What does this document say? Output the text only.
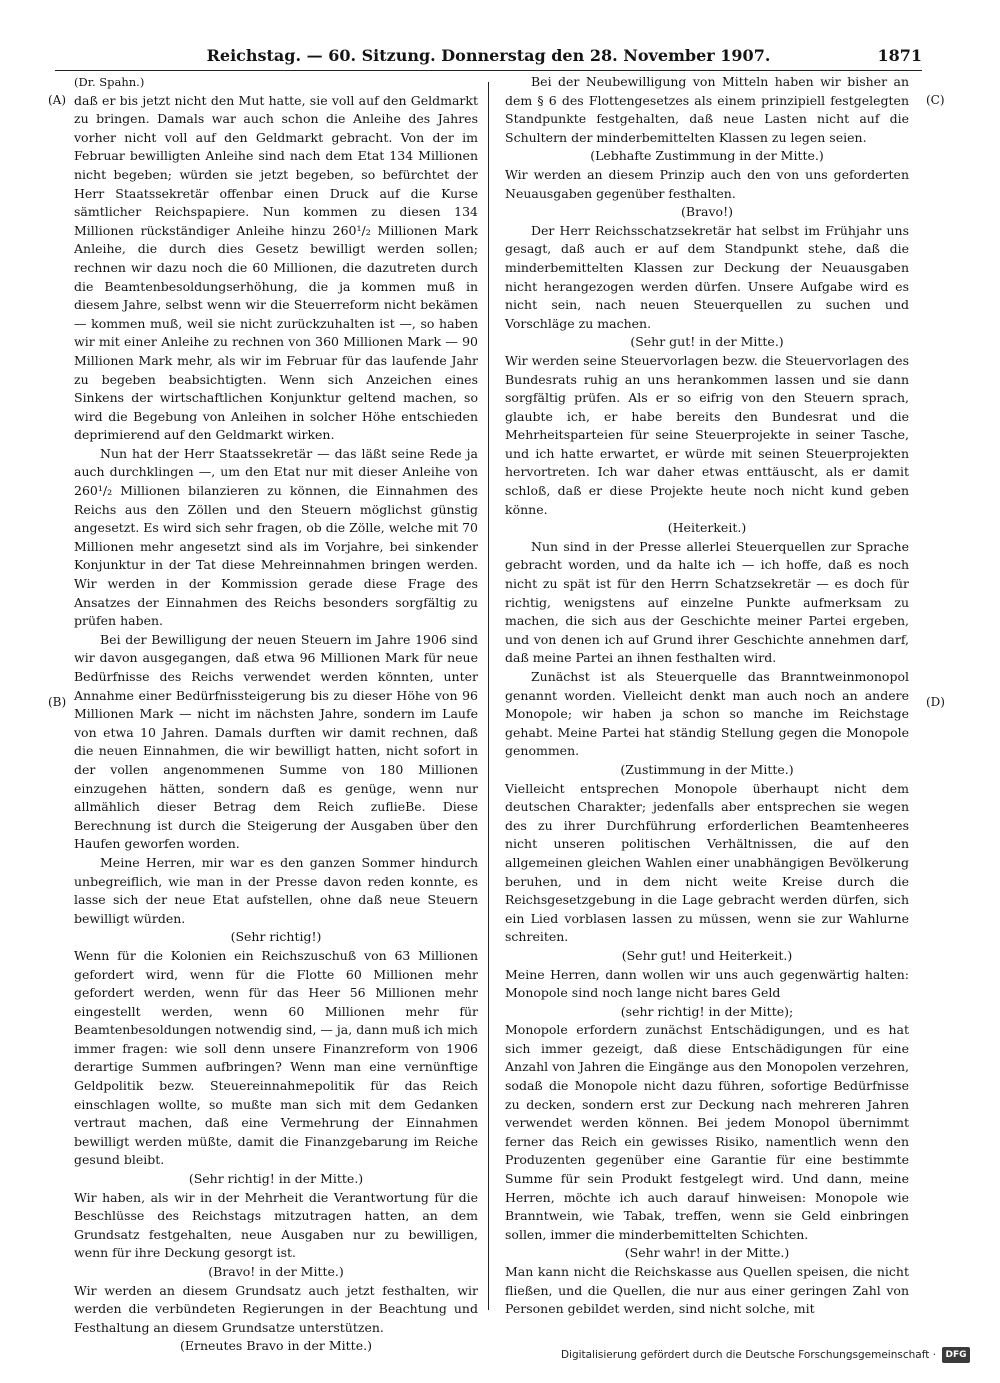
Reichstag. — 60. Sitzung. Donnerstag den 28. November 1907.	1871
(A)
(B)
(C)
(D)

(Dr. Spahn.)

daß er bis jetzt nicht den Mut hatte, sie voll auf den Geldmarkt zu bringen. Damals war auch schon die Anleihe des Jahres vorher nicht voll auf den Geldmarkt gebracht. Von der im Februar bewilligten Anleihe sind nach dem Etat 134 Millionen nicht begeben; würden sie jetzt begeben, so befürchtet der Herr Staatssekretär offenbar einen Druck auf die Kurse sämtlicher Reichspapiere. Nun kommen zu diesen 134 Millionen rückständiger Anleihe hinzu 260¹/₂ Millionen Mark Anleihe, die durch dies Gesetz bewilligt werden sollen; rechnen wir dazu noch die 60 Millionen, die dazutreten durch die Beamtenbesoldungserhöhung, die ja kommen muß in diesem Jahre, selbst wenn wir die Steuerreform nicht bekämen — kommen muß, weil sie nicht zurückzuhalten ist —, so haben wir mit einer Anleihe zu rechnen von 360 Millionen Mark — 90 Millionen Mark mehr, als wir im Februar für das laufende Jahr zu begeben beabsichtigten. Wenn sich Anzeichen eines Sinkens der wirtschaftlichen Konjunktur geltend machen, so wird die Begebung von Anleihen in solcher Höhe entschieden deprimierend auf den Geldmarkt wirken.

Nun hat der Herr Staatssekretär — das läßt seine Rede ja auch durchklingen —, um den Etat nur mit dieser Anleihe von 260¹/₂ Millionen bilanzieren zu können, die Einnahmen des Reichs aus den Zöllen und den Steuern möglichst günstig angesetzt. Es wird sich sehr fragen, ob die Zölle, welche mit 70 Millionen mehr angesetzt sind als im Vorjahre, bei sinkender Konjunktur in der Tat diese Mehreinnahmen bringen werden. Wir werden in der Kommission gerade diese Frage des Ansatzes der Einnahmen des Reichs besonders sorgfältig zu prüfen haben.

Bei der Bewilligung der neuen Steuern im Jahre 1906 sind wir davon ausgegangen, daß etwa 96 Millionen Mark für neue Bedürfnisse des Reichs verwendet werden könnten, unter Annahme einer Bedürfnissteigerung bis zu dieser Höhe von 96 Millionen Mark — nicht im nächsten Jahre, sondern im Laufe von etwa 10 Jahren. Damals durften wir damit rechnen, daß die neuen Einnahmen, die wir bewilligt hatten, nicht sofort in der vollen angenommenen Summe von 180 Millionen einzugehen hätten, sondern daß es genüge, wenn nur allmählich dieser Betrag dem Reich zuflieBe. Diese Berechnung ist durch die Steigerung der Ausgaben über den Haufen geworfen worden.

Meine Herren, mir war es den ganzen Sommer hindurch unbegreiflich, wie man in der Presse davon reden konnte, es lasse sich der neue Etat aufstellen, ohne daß neue Steuern bewilligt würden.

(Sehr richtig!)

Wenn für die Kolonien ein Reichszuschuß von 63 Millionen gefordert wird, wenn für die Flotte 60 Millionen mehr gefordert werden, wenn für das Heer 56 Millionen mehr eingestellt werden, wenn 60 Millionen mehr für Beamtenbesoldungen notwendig sind, — ja, dann muß ich mich immer fragen: wie soll denn unsere Finanzreform von 1906 derartige Summen aufbringen? Wenn man eine vernünftige Geldpolitik bezw. Steuereinnahmepolitik für das Reich einschlagen wollte, so mußte man sich mit dem Gedanken vertraut machen, daß eine Vermehrung der Einnahmen bewilligt werden müßte, damit die Finanzgebarung im Reiche gesund bleibt.

(Sehr richtig! in der Mitte.)

Wir haben, als wir in der Mehrheit die Verantwortung für die Beschlüsse des Reichstags mitzutragen hatten, an dem Grundsatz festgehalten, neue Ausgaben nur zu bewilligen, wenn für ihre Deckung gesorgt ist.

(Bravo! in der Mitte.)

Wir werden an diesem Grundsatz auch jetzt festhalten, wir werden die verbündeten Regierungen in der Beachtung und Festhaltung an diesem Grundsatze unterstützen.

(Erneutes Bravo in der Mitte.)

Bei der Neubewilligung von Mitteln haben wir bisher an dem § 6 des Flottengesetzes als einem prinzipiell festgelegten Standpunkte festgehalten, daß neue Lasten nicht auf die Schultern der minderbemittelten Klassen zu legen seien.

(Lebhafte Zustimmung in der Mitte.)

Wir werden an diesem Prinzip auch den von uns geforderten Neuausgaben gegenüber festhalten.

(Bravo!)

Der Herr Reichsschatzsekretär hat selbst im Frühjahr uns gesagt, daß auch er auf dem Standpunkt stehe, daß die minderbemittelten Klassen zur Deckung der Neuausgaben nicht herangezogen werden dürfen. Unsere Aufgabe wird es nicht sein, nach neuen Steuerquellen zu suchen und Vorschläge zu machen.

(Sehr gut! in der Mitte.)

Wir werden seine Steuervorlagen bezw. die Steuervorlagen des Bundesrats ruhig an uns herankommen lassen und sie dann sorgfältig prüfen. Als er so eifrig von den Steuern sprach, glaubte ich, er habe bereits den Bundesrat und die Mehrheitsparteien für seine Steuerprojekte in seiner Tasche, und ich hatte erwartet, er würde mit seinen Steuerprojekten hervortreten. Ich war daher etwas enttäuscht, als er damit schloß, daß er diese Projekte heute noch nicht kund geben könne.

(Heiterkeit.)

Nun sind in der Presse allerlei Steuerquellen zur Sprache gebracht worden, und da halte ich — ich hoffe, daß es noch nicht zu spät ist für den Herrn Schatzsekretär — es doch für richtig, wenigstens auf einzelne Punkte aufmerksam zu machen, die sich aus der Geschichte meiner Partei ergeben, und von denen ich auf Grund ihrer Geschichte annehmen darf, daß meine Partei an ihnen festhalten wird.

Zunächst ist als Steuerquelle das Branntweinmonopol genannt worden. Vielleicht denkt man auch noch an andere Monopole; wir haben ja schon so manche im Reichstage gehabt. Meine Partei hat ständig Stellung gegen die Monopole genommen.

(Zustimmung in der Mitte.)

Vielleicht entsprechen Monopole überhaupt nicht dem deutschen Charakter; jedenfalls aber entsprechen sie wegen des zu ihrer Durchführung erforderlichen Beamtenheeres nicht unseren politischen Verhältnissen, die auf den allgemeinen gleichen Wahlen einer unabhängigen Bevölkerung beruhen, und in dem nicht weite Kreise durch die Reichsgesetzgebung in die Lage gebracht werden dürfen, sich ein Lied vorblasen lassen zu müssen, wenn sie zur Wahlurne schreiten.

(Sehr gut! und Heiterkeit.)

Meine Herren, dann wollen wir uns auch gegenwärtig halten: Monopole sind noch lange nicht bares Geld

(sehr richtig! in der Mitte);

Monopole erfordern zunächst Entschädigungen, und es hat sich immer gezeigt, daß diese Entschädigungen für eine Anzahl von Jahren die Eingänge aus den Monopolen verzehren, sodaß die Monopole nicht dazu führen, sofortige Bedürfnisse zu decken, sondern erst zur Deckung nach mehreren Jahren verwendet werden können. Bei jedem Monopol übernimmt ferner das Reich ein gewisses Risiko, namentlich wenn den Produzenten gegenüber eine Garantie für eine bestimmte Summe für sein Produkt festgelegt wird. Und dann, meine Herren, möchte ich auch darauf hinweisen: Monopole wie Branntwein, wie Tabak, treffen, wenn sie Geld einbringen sollen, immer die minderbemittelten Schichten.

(Sehr wahr! in der Mitte.)

Man kann nicht die Reichskasse aus Quellen speisen, die nicht fließen, und die Quellen, die nur aus einer geringen Zahl von Personen gebildet werden, sind nicht solche, mit

Digitalisierung gefördert durch die Deutsche Forschungsgemeinschaft ·	DFG
